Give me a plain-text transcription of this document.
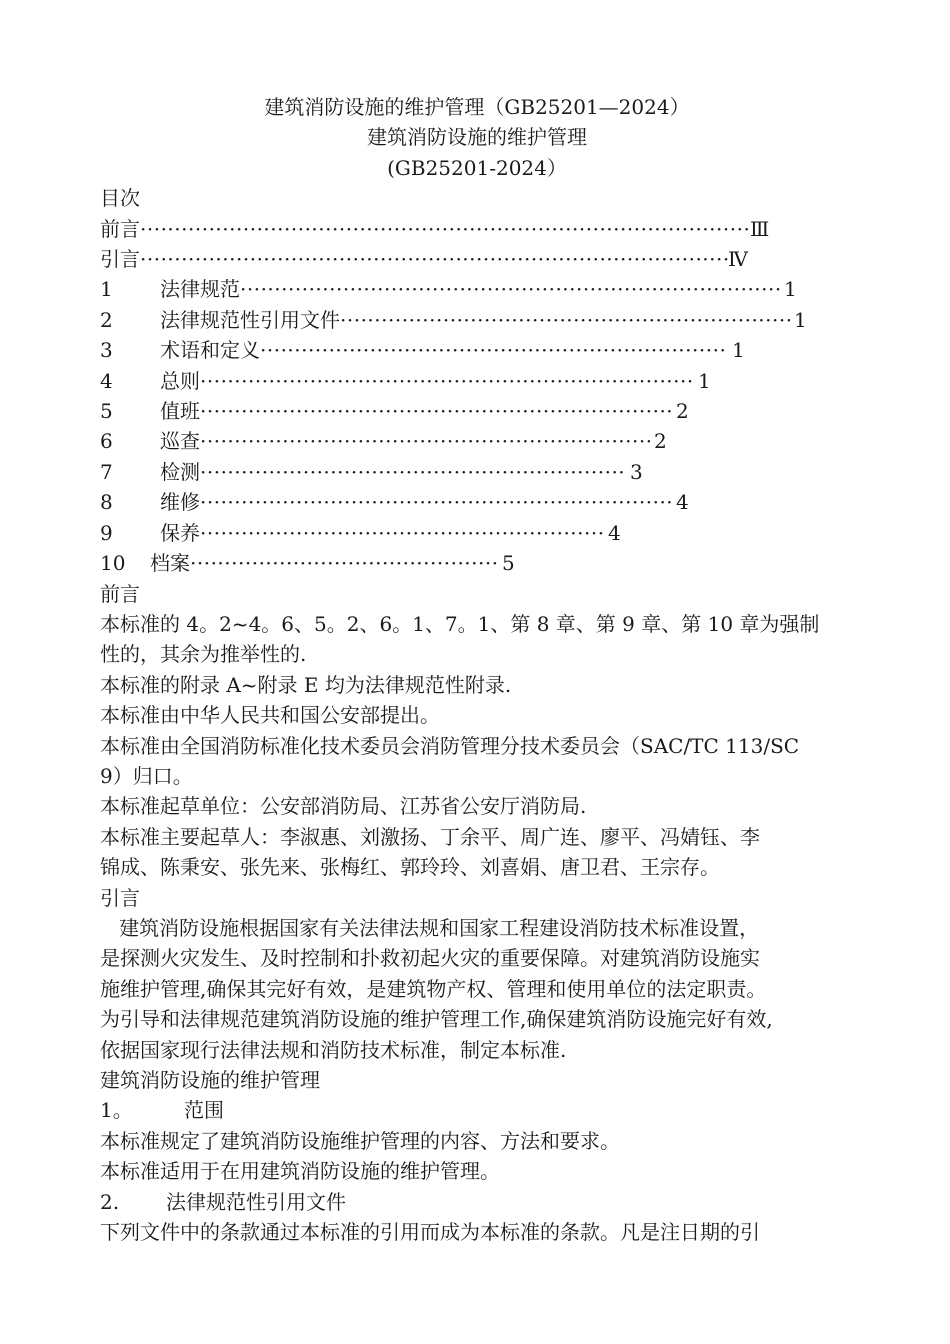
建筑消防设施的维护管理（GB25201—2024）
建筑消防设施的维护管理
(GB25201-2024）
目次
前言 ·····	Ⅲ
引言 ·····	Ⅳ
1	法律规范 ·····	1
2	法律规范性引用文件 ·····	1
3	术语和定义 ·····	1
4	总则 ·····	1
5	值班 ·····	2
6	巡查 ·····	2
7	检测 ·····	3
8	维修 ·····	4
9	保养 ·····	4
10	档案 ·····	5
前言
本标准的 4。2~4。6、5。2、6。1、7。1、第 8 章、第 9 章、第 10 章为强制
性的，其余为推举性的.
本标准的附录 A~附录 E 均为法律规范性附录.
本标准由中华人民共和国公安部提出。
本标准由全国消防标准化技术委员会消防管理分技术委员会（SAC/TC 113/SC
9）归口。
本标准起草单位：公安部消防局、江苏省公安厅消防局.
本标准主要起草人：李淑惠、刘激扬、丁余平、周广连、廖平、冯婧钰、李
锦成、陈秉安、张先来、张梅红、郭玲玲、刘喜娟、唐卫君、王宗存。
引言
建筑消防设施根据国家有关法律法规和国家工程建设消防技术标准设置，
是探测火灾发生、及时控制和扑救初起火灾的重要保障。对建筑消防设施实
施维护管理,确保其完好有效，是建筑物产权、管理和使用单位的法定职责。
为引导和法律规范建筑消防设施的维护管理工作,确保建筑消防设施完好有效,
依据国家现行法律法规和消防技术标准，制定本标准.
建筑消防设施的维护管理
1。	范围
本标准规定了建筑消防设施维护管理的内容、方法和要求。
本标准适用于在用建筑消防设施的维护管理。
2. 法律规范性引用文件
下列文件中的条款通过本标准的引用而成为本标准的条款。凡是注日期的引
